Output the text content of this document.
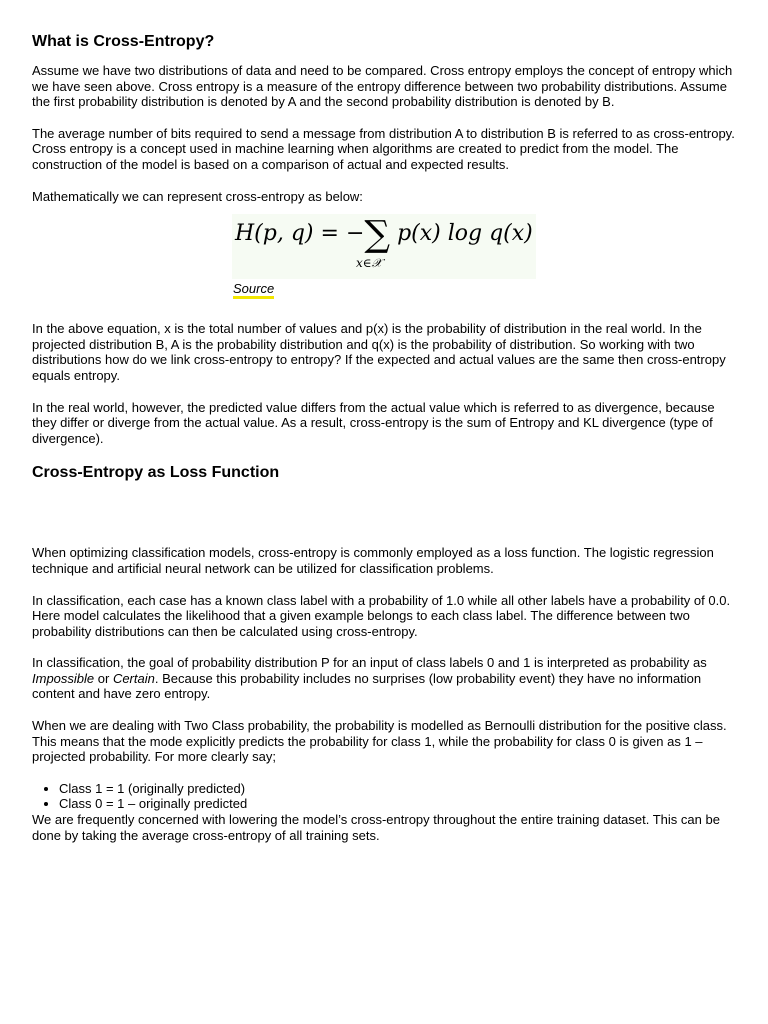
What is Cross-Entropy?

Assume we have two distributions of data and need to be compared. Cross entropy employs the concept of entropy which we have seen above. Cross entropy is a measure of the entropy difference between two probability distributions. Assume the first probability distribution is denoted by A and the second probability distribution is denoted by B.

The average number of bits required to send a message from distribution A to distribution B is referred to as cross-entropy. Cross entropy is a concept used in machine learning when algorithms are created to predict from the model. The construction of the model is based on a comparison of actual and expected results.

Mathematically we can represent cross-entropy as below:

H(p, q) = −∑ p(x) log q(x)
x∈𝒳
Source

In the above equation, x is the total number of values and p(x) is the probability of distribution in the real world. In the projected distribution B, A is the probability distribution and q(x) is the probability of distribution. So working with two distributions how do we link cross-entropy to entropy? If the expected and actual values are the same then cross-entropy equals entropy.

In the real world, however, the predicted value differs from the actual value which is referred to as divergence, because they differ or diverge from the actual value. As a result, cross-entropy is the sum of Entropy and KL divergence (type of divergence).

Cross-Entropy as Loss Function

When optimizing classification models, cross-entropy is commonly employed as a loss function. The logistic regression technique and artificial neural network can be utilized for classification problems.

In classification, each case has a known class label with a probability of 1.0 while all other labels have a probability of 0.0. Here model calculates the likelihood that a given example belongs to each class label. The difference between two probability distributions can then be calculated using cross-entropy.

In classification, the goal of probability distribution P for an input of class labels 0 and 1 is interpreted as probability as Impossible or Certain. Because this probability includes no surprises (low probability event) they have no information content and have zero entropy.

When we are dealing with Two Class probability, the probability is modelled as Bernoulli distribution for the positive class. This means that the mode explicitly predicts the probability for class 1, while the probability for class 0 is given as 1 – projected probability. For more clearly say;

• Class 1 = 1 (originally predicted)
• Class 0 = 1 – originally predicted

We are frequently concerned with lowering the model’s cross-entropy throughout the entire training dataset. This can be done by taking the average cross-entropy of all training sets.
